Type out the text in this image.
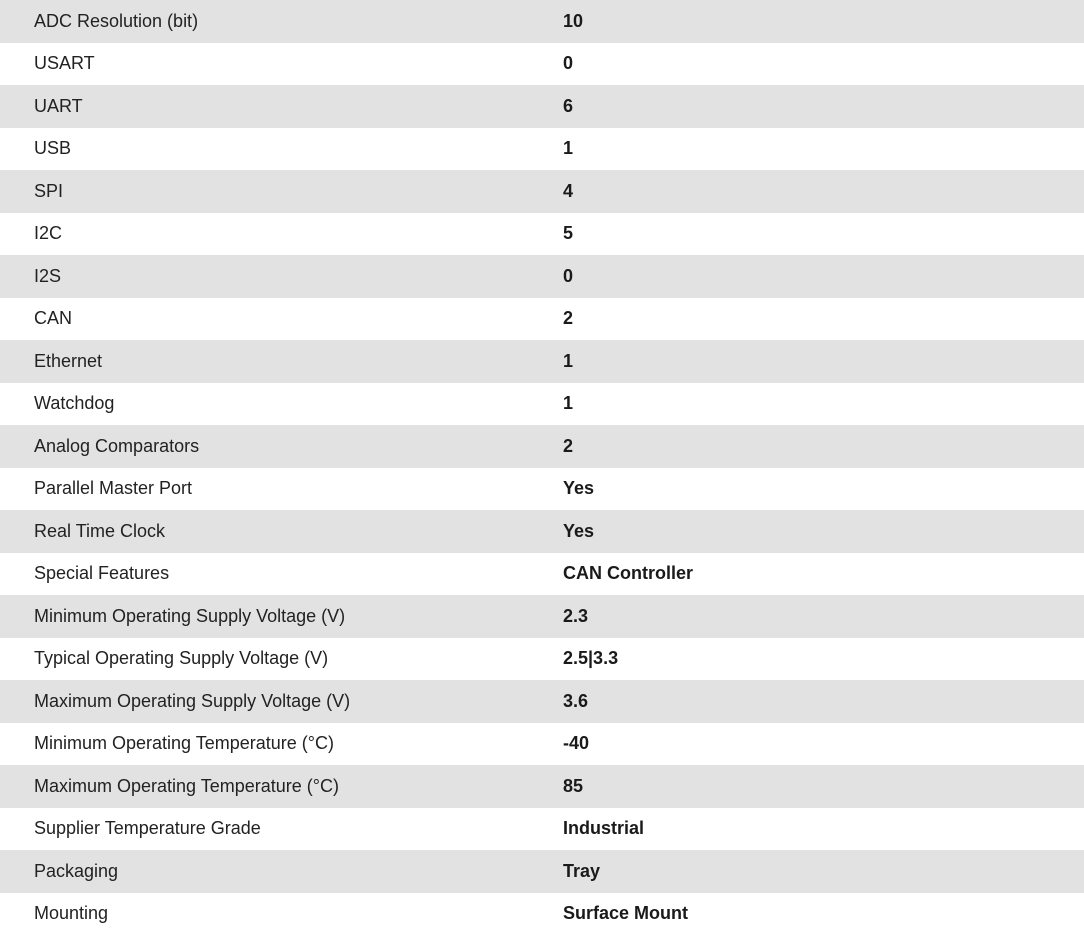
ADC Resolution (bit)	10
USART	0
UART	6
USB	1
SPI	4
I2C	5
I2S	0
CAN	2
Ethernet	1
Watchdog	1
Analog Comparators	2
Parallel Master Port	Yes
Real Time Clock	Yes
Special Features	CAN Controller
Minimum Operating Supply Voltage (V)	2.3
Typical Operating Supply Voltage (V)	2.5|3.3
Maximum Operating Supply Voltage (V)	3.6
Minimum Operating Temperature (°C)	-40
Maximum Operating Temperature (°C)	85
Supplier Temperature Grade	Industrial
Packaging	Tray
Mounting	Surface Mount
